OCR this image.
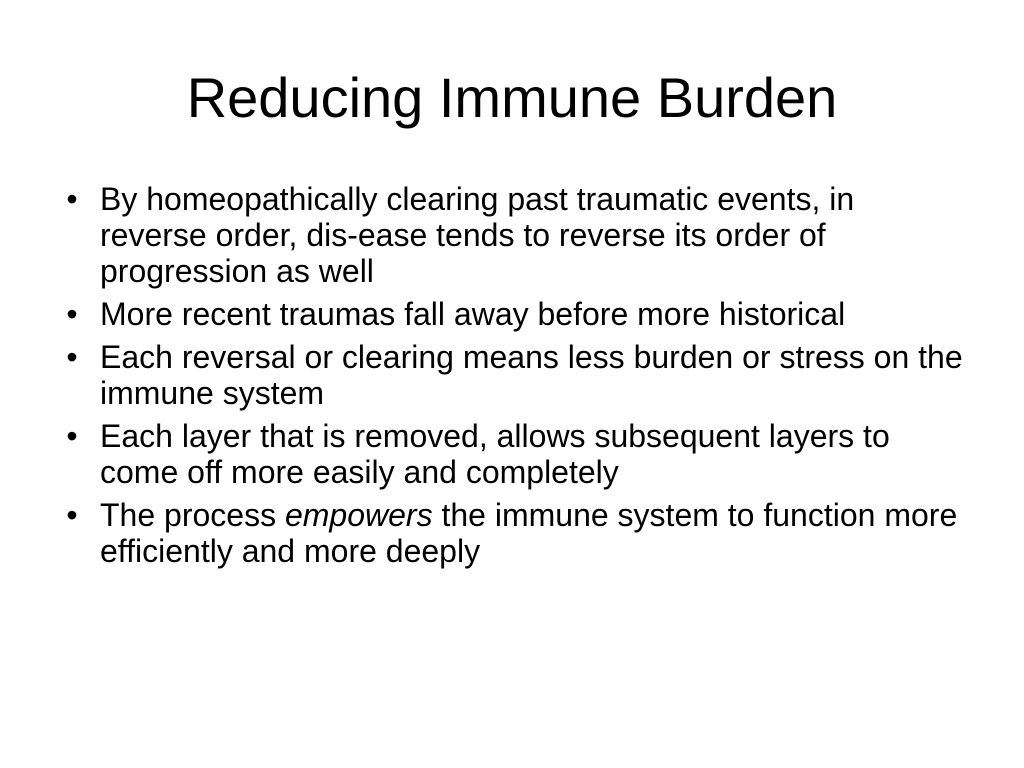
Reducing Immune Burden
• By homeopathically clearing past traumatic events, in reverse order, dis-ease tends to reverse its order of progression as well
• More recent traumas fall away before more historical
• Each reversal or clearing means less burden or stress on the immune system
• Each layer that is removed, allows subsequent layers to come off more easily and completely
• The process empowers the immune system to function more efficiently and more deeply
